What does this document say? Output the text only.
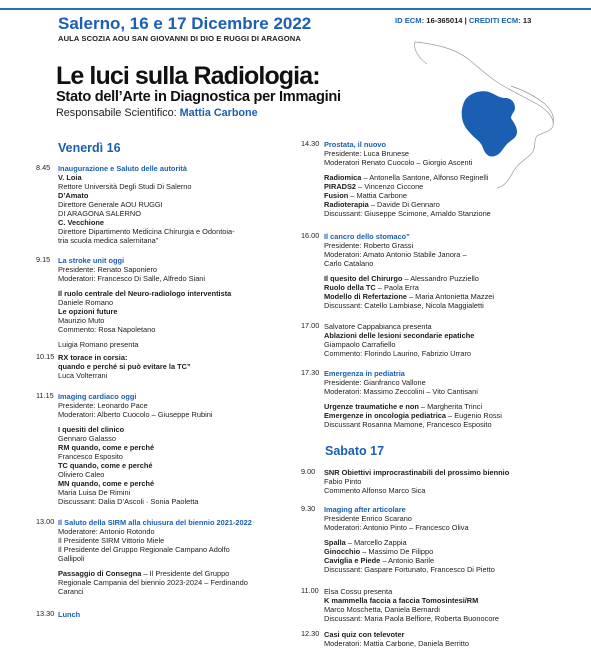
Salerno, 16 e 17 Dicembre 2022
AULA SCOZIA AOU SAN GIOVANNI DI DIO E RUGGI DI ARAGONA
ID ECM: 16-365014 | CREDITI ECM: 13
Le luci sulla Radiologia:
Stato dell’Arte in Diagnostica per Immagini
Responsabile Scientifico: Mattia Carbone
Venerdì 16
8.45 Inaugurazione e Saluto delle autorità
V. Loia
Rettore Università Degli Studi Di Salerno
D’Amato
Direttore Generale AOU RUGGI
DI ARAGONA SALERNO
C. Vecchione
Direttore Dipartimento Medicina Chirurgia e Odontoia-
tria scuola medica salernitana”
9.15 La stroke unit oggi
Presidente: Renato Saponiero
Moderatori: Francesco Di Salle, Alfredo Siani
Il ruolo centrale del Neuro-radiologo interventista
Daniele Romano
Le opzioni future
Maurizio Muto
Commento: Rosa Napoletano
Luigia Romano presenta
10.15 RX torace in corsia:
quando e perché si può evitare la TC”
Luca Volterrani
11.15 Imaging cardiaco oggi
Presidente: Leonardo Pace
Moderatori: Alberto Cuocolo – Giuseppe Rubini
I quesiti del clinico
Gennaro Galasso
RM quando, come e perché
Francesco Esposito
TC quando, come e perché
Oliviero Caleo
MN quando, come e perché
Maria Luisa De Rimini
Discussant: Dalia D’Ascoli · Sonia Paoletta
13.00 Il Saluto della SIRM alla chiusura del biennio 2021-2022
Moderatore: Antonio Rotondo
Il Presidente SIRM Vittorio Miele
Il Presidente del Gruppo Regionale Campano Adolfo
Gallipoli
Passaggio di Consegna – Il Presidente del Gruppo
Regionale Campania del biennio 2023-2024 – Ferdinando
Caranci
13.30 Lunch
14.30 Prostata, il nuovo
Presidente: Luca Brunese
Moderatori Renato Cuocolo – Giorgio Ascenti
Radiomica – Antonella Santone, Alfonso Reginelli
PIRADS2 – Vincenzo Ciccone
Fusion – Mattia Carbone
Radioterapia – Davide Di Gennaro
Discussant: Giuseppe Scimone, Arnaldo Stanzione
16.00 Il cancro dello stomaco”
Presidente: Roberto Grassi
Moderatori: Amato Antonio Stabile Janora –
Carlo Catalano
Il quesito del Chirurgo – Alessandro Puzziello
Ruolo della TC – Paola Erra
Modello di Refertazione – Maria Antonietta Mazzei
Discussant: Catello Lambiase, Nicola Maggialetti
17.00 Salvatore Cappabianca presenta
Ablazioni delle lesioni secondarie epatiche
Giampaolo Carrafiello
Commento: Florindo Laurino, Fabrizio Urraro
17.30 Emergenza in pediatria
Presidente: Gianfranco Vallone
Moderatori: Massimo Zeccolini – Vito Cantisani
Urgenze traumatiche e non – Margherita Trinci
Emergenze in oncologia pediatrica – Eugenio Rossi
Discussant Rosanna Mamone, Francesco Esposito
Sabato 17
9.00 SNR Obiettivi improcrastinabili del prossimo biennio
Fabio Pinto
Commento Alfonso Marco Sica
9.30 Imaging after articolare
Presidente Enrico Scarano
Moderatori: Antonio Pinto – Francesco Oliva
Spalla – Marcello Zappia
Ginocchio – Massimo De Filippo
Caviglia e Piede – Antonio Barile
Discussant: Gaspare Fortunato, Francesco Di Pietto
11.00 Elsa Cossu presenta
K mammella faccia a faccia Tomosintesi/RM
Marco Moschetta, Daniela Bernardi
Discussant: Maria Paola Belfiore, Roberta Buonocore
12.30 Casi quiz con televoter
Moderatori: Mattia Carbone, Daniela Berritto
